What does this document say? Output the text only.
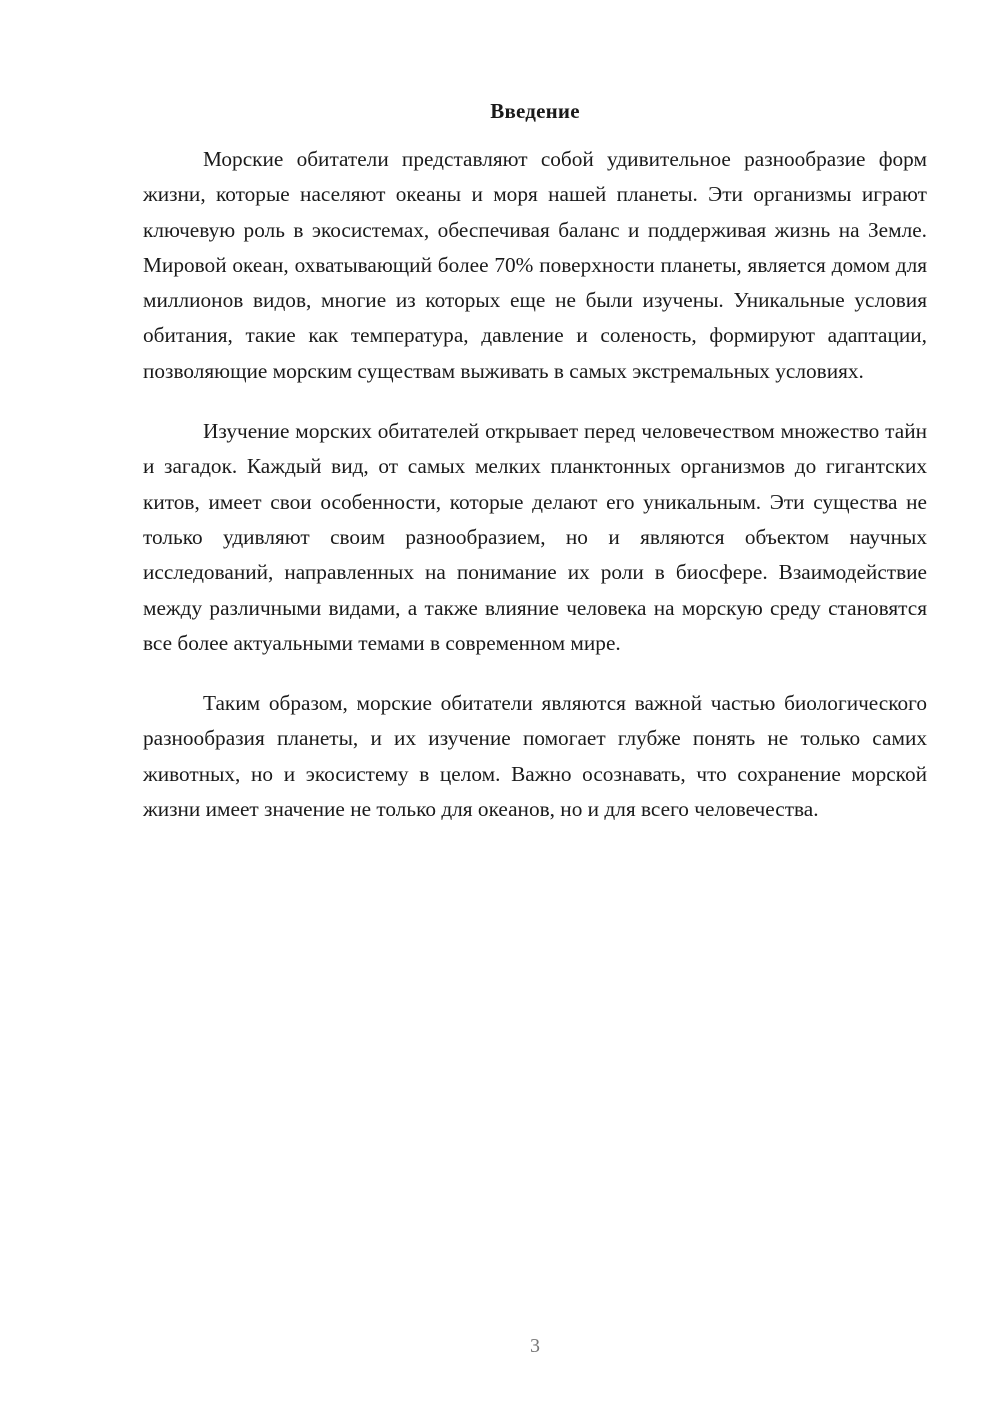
Введение

Морские обитатели представляют собой удивительное разнообразие форм жизни, которые населяют океаны и моря нашей планеты. Эти организмы играют ключевую роль в экосистемах, обеспечивая баланс и поддерживая жизнь на Земле. Мировой океан, охватывающий более 70% поверхности планеты, является домом для миллионов видов, многие из которых еще не были изучены. Уникальные условия обитания, такие как температура, давление и соленость, формируют адаптации, позволяющие морским существам выживать в самых экстремальных условиях.

Изучение морских обитателей открывает перед человечеством множество тайн и загадок. Каждый вид, от самых мелких планктонных организмов до гигантских китов, имеет свои особенности, которые делают его уникальным. Эти существа не только удивляют своим разнообразием, но и являются объектом научных исследований, направленных на понимание их роли в биосфере. Взаимодействие между различными видами, а также влияние человека на морскую среду становятся все более актуальными темами в современном мире.

Таким образом, морские обитатели являются важной частью биологического разнообразия планеты, и их изучение помогает глубже понять не только самих животных, но и экосистему в целом. Важно осознавать, что сохранение морской жизни имеет значение не только для океанов, но и для всего человечества.

3
